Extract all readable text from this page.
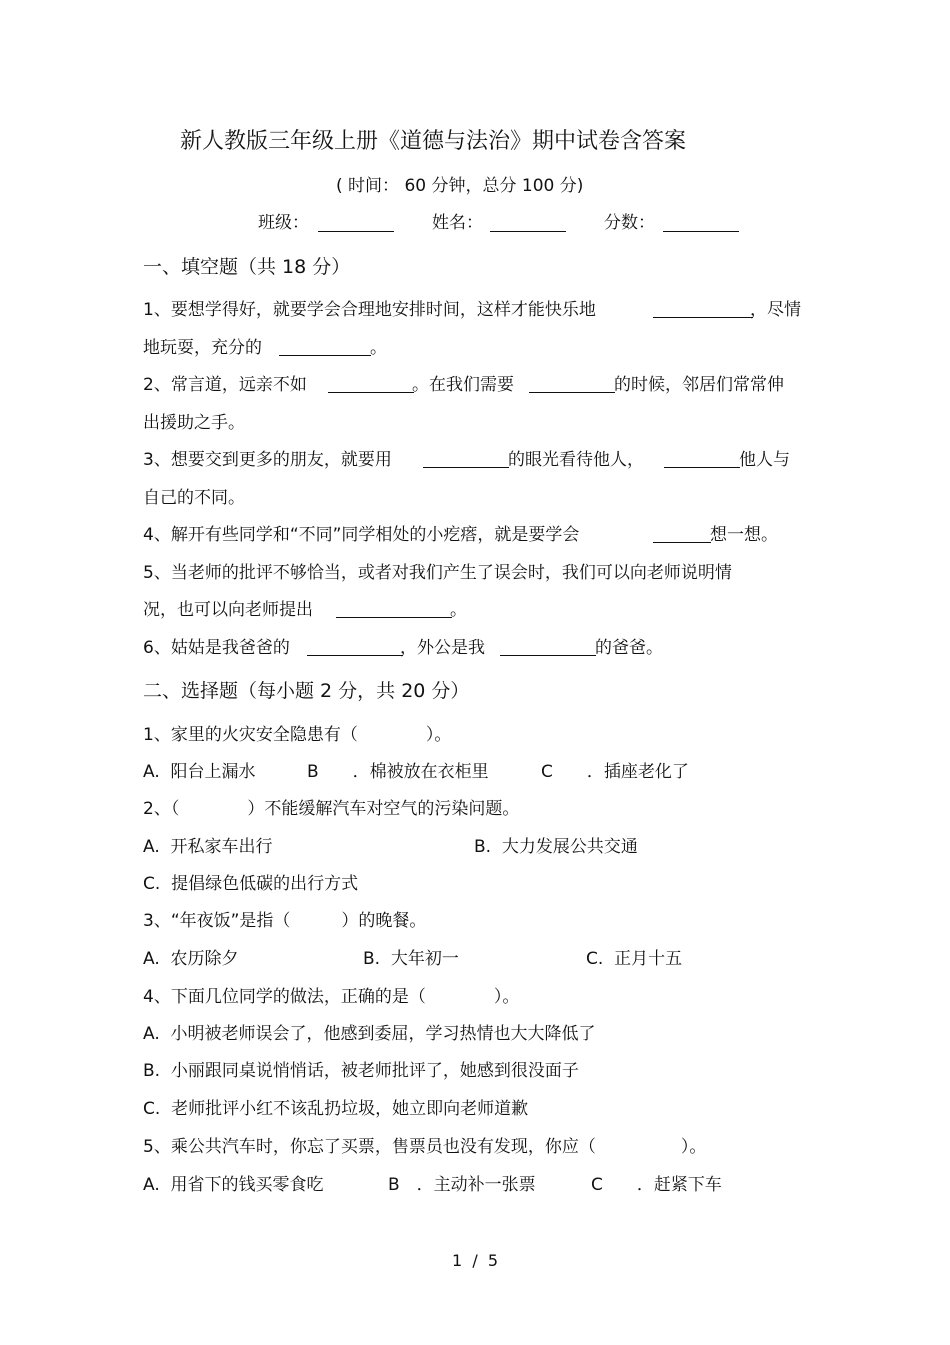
新人教版三年级上册《道德与法治》期中试卷含答案
( 时间： 60 分钟，总分 100 分)
班级：	姓名：	分数：
一、填空题（共 18 分）
1、要想学得好，就要学会合理地安排时间，这样才能快乐地	，尽情
地玩耍，充分的	。
2、常言道，远亲不如	。在我们需要	的时候，邻居们常常伸
出援助之手。
3、想要交到更多的朋友，就要用	的眼光看待他人，	他人与
自己的不同。
4、解开有些同学和“不同”同学相处的小疙瘩，就是要学会	想一想。
5、当老师的批评不够恰当，或者对我们产生了误会时，我们可以向老师说明情
况，也可以向老师提出	。
6、姑姑是我爸爸的	，外公是我	的爸爸。
二、选择题（每小题 2 分，共 20 分）
1、家里的火灾安全隐患有（　　　　）。
A.  阳台上漏水	B　　．棉被放在衣柜里	C　　．插座老化了
2、（　　　　）不能缓解汽车对空气的污染问题。
A.  开私家车出行	B.  大力发展公共交通
C.  提倡绿色低碳的出行方式
3、“年夜饭”是指（　　　）的晚餐。
A.  农历除夕	B.  大年初一	C.  正月十五
4、下面几位同学的做法，正确的是（　　　　）。
A.  小明被老师误会了，他感到委屈，学习热情也大大降低了
B.  小丽跟同桌说悄悄话，被老师批评了，她感到很没面子
C.  老师批评小红不该乱扔垃圾，她立即向老师道歉
5、乘公共汽车时，你忘了买票，售票员也没有发现，你应（　　　　　）。
A.  用省下的钱买零食吃	B　．主动补一张票	C　　．赶紧下车
1  /  5
